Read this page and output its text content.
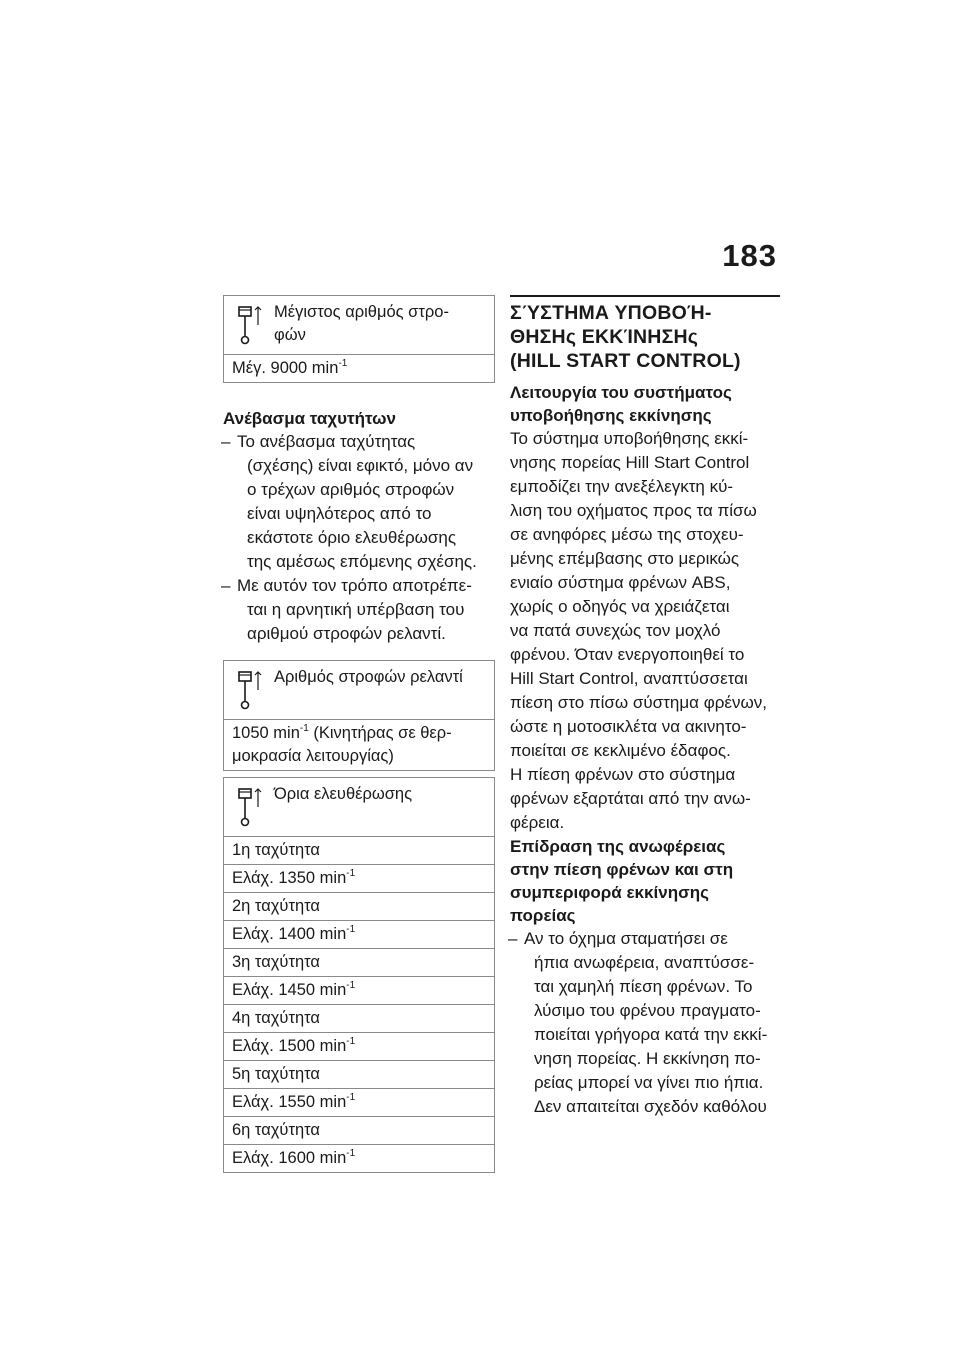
183
Μέγιστος αριθμός στρο-
φών
Μέγ. 9000 $\min^{-1}$
Ανέβασμα ταχυτήτων
– Το ανέβασμα ταχύτητας
(σχέσης) είναι εφικτό, μόνο αν
ο τρέχων αριθμός στροφών
είναι υψηλότερος από το
εκάστοτε όριο ελευθέρωσης
της αμέσως επόμενης σχέσης.
– Με αυτόν τον τρόπο αποτρέπε-
ται η αρνητική υπέρβαση του
αριθμού στροφών ρελαντί.
Αριθμός στροφών ρελαντί
1050 $\min^{-1} (K\iota\nu\eta\tau ή\rho\alpha\varsigma$ σε θερ-
μοκρασία λειτουργίας)
Όρια ελευθέρωσης
1η ταχύτητα
Ελάχ. 1350 $\min^{-1}$
2η ταχύτητα
Ελάχ. 1400 $\min^{-1}$
3η ταχύτητα
Ελάχ. 1450 $\min^{-1}$
4η ταχύτητα
Ελάχ. 1500 $\min^{-1}$
5η ταχύτητα
Ελάχ. 1550 $\min^{-1}$
6η ταχύτητα
Ελάχ. 1600 $\min^{-1}$
ΣΎΣΤΗΜΑ ΥΠΟΒΟΉ-
ΘΗΣΗς ΕΚΚΊΝΗΣΗς
(HILL START CONTROL)
Λειτουργία του συστήματος
υποβοήθησης εκκίνησης
Το σύστημα υποβοήθησης εκκί-
νησης πορείας Hill Start Control
εμποδίζει την ανεξέλεγκτη κύ-
λιση του οχήματος προς τα πίσω
σε ανηφόρες μέσω της στοχευ-
μένης επέμβασης στο μερικώς
ενιαίο σύστημα φρένων ABS,
χωρίς ο οδηγός να χρειάζεται
να πατά συνεχώς τον μοχλό
φρένου. Όταν ενεργοποιηθεί το
Hill Start Control, αναπτύσσεται
πίεση στο πίσω σύστημα φρένων,
ώστε η μοτοσικλέτα να ακινητο-
ποιείται σε κεκλιμένο έδαφος.
Η πίεση φρένων στο σύστημα
φρένων εξαρτάται από την ανω-
φέρεια.
Επίδραση της ανωφέρειας
στην πίεση φρένων και στη
συμπεριφορά εκκίνησης
πορείας
– Αν το όχημα σταματήσει σε
ήπια ανωφέρεια, αναπτύσσε-
ται χαμηλή πίεση φρένων. Το
λύσιμο του φρένου πραγματο-
ποιείται γρήγορα κατά την εκκί-
νηση πορείας. Η εκκίνηση πο-
ρείας μπορεί να γίνει πιο ήπια.
Δεν απαιτείται σχεδόν καθόλου
